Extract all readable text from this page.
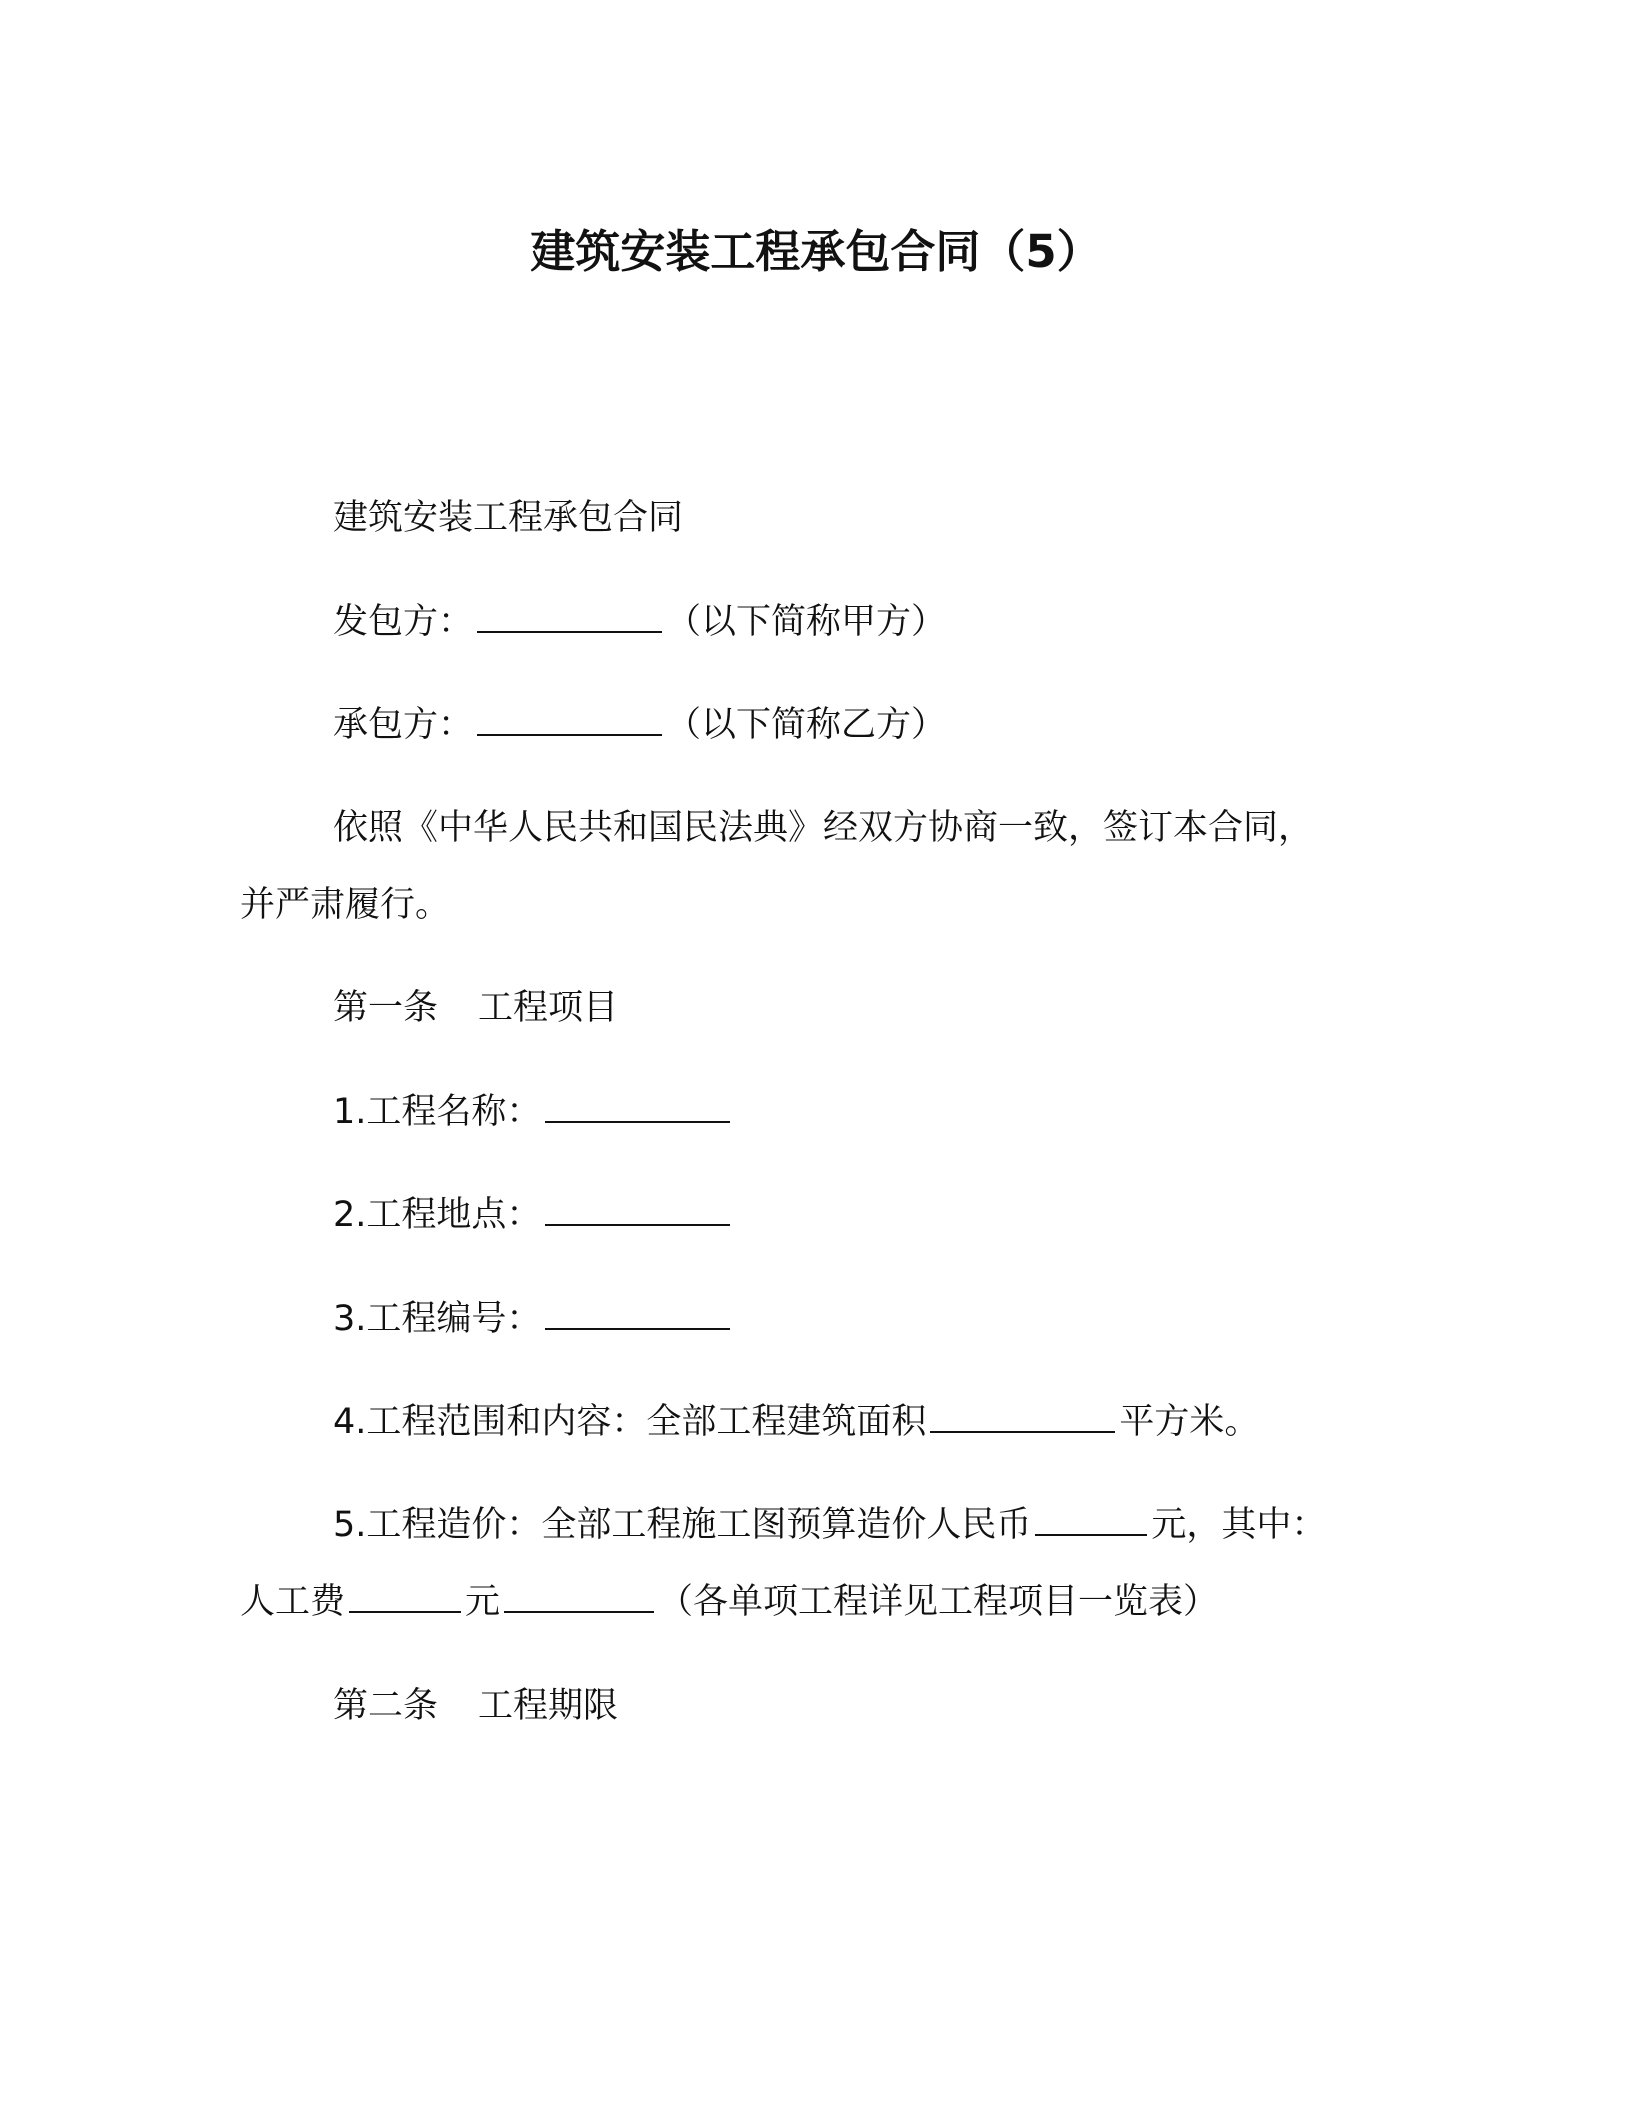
建筑安装工程承包合同（5）
建筑安装工程承包合同
发包方：	（以下简称甲方）
承包方：	（以下简称乙方）
依照《中华人民共和国民法典》经双方协商一致，签订本合同，
并严肃履行。
第一条 工程项目
1.工程名称：
2.工程地点：
3.工程编号：
4.工程范围和内容：全部工程建筑面积	平方米。
5.工程造价：全部工程施工图预算造价人民币	元，其中：
人工费	元	（各单项工程详见工程项目一览表）
第二条 工程期限
